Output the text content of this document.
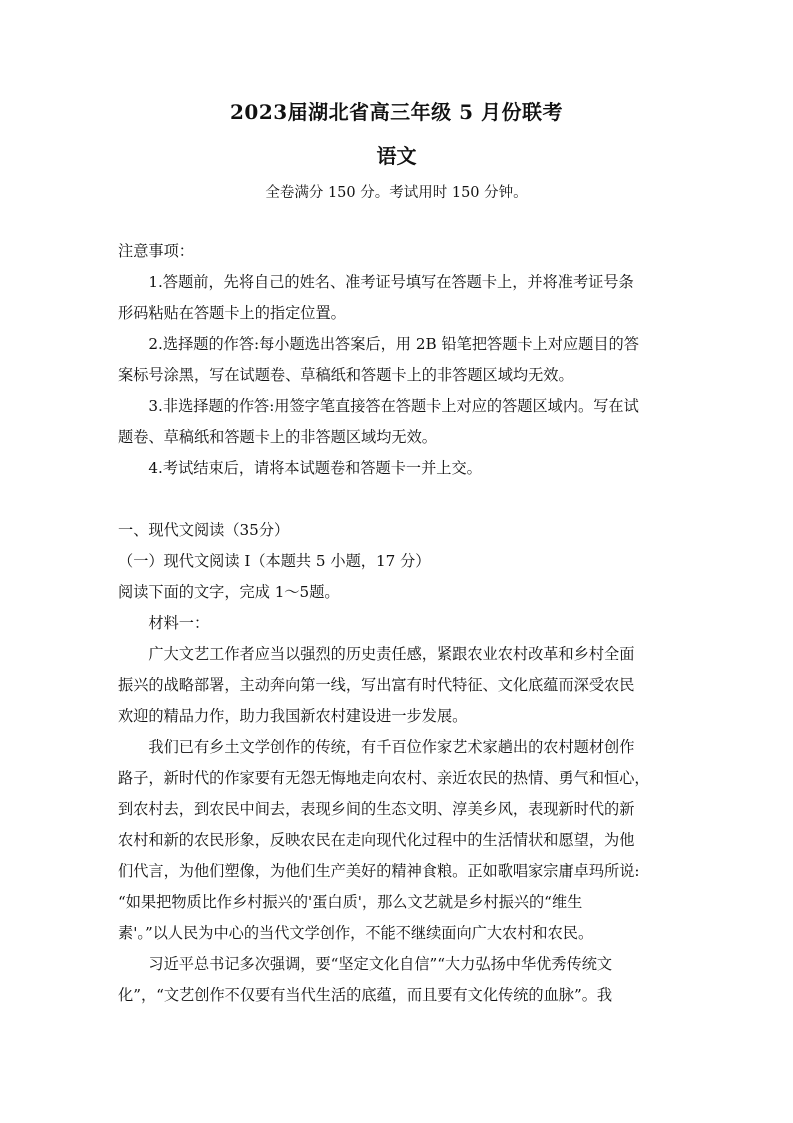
2023届湖北省高三年级 5 月份联考
语文
全卷满分 150 分。考试用时 150 分钟。

注意事项：

1.答题前，先将自己的姓名、准考证号填写在答题卡上，并将准考证号条

形码粘贴在答题卡上的指定位置。

2.选择题的作答:每小题选出答案后，用 2B 铅笔把答题卡上对应题目的答

案标号涂黑，写在试题卷、草稿纸和答题卡上的非答题区域均无效。

3.非选择题的作答:用签字笔直接答在答题卡上对应的答题区域内。写在试

题卷、草稿纸和答题卡上的非答题区域均无效。

4.考试结束后，请将本试题卷和答题卡一并上交。

一、现代文阅读（35分）

（一）现代文阅读 I（本题共 5 小题，17 分）

阅读下面的文字，完成 1～5题。

材料一：

广大文艺工作者应当以强烈的历史责任感，紧跟农业农村改革和乡村全面

振兴的战略部署，主动奔向第一线，写出富有时代特征、文化底蕴而深受农民

欢迎的精品力作，助力我国新农村建设进一步发展。

我们已有乡土文学创作的传统，有千百位作家艺术家趟出的农村题材创作

路子，新时代的作家要有无怨无悔地走向农村、亲近农民的热情、勇气和恒心，

到农村去，到农民中间去，表现乡间的生态文明、淳美乡风，表现新时代的新

农村和新的农民形象，反映农民在走向现代化过程中的生活情状和愿望，为他

们代言，为他们塑像，为他们生产美好的精神食粮。正如歌唱家宗庸卓玛所说:

“如果把物质比作乡村振兴的'蛋白质'，那么文艺就是乡村振兴的“维生

素'。”以人民为中心的当代文学创作，不能不继续面向广大农村和农民。

习近平总书记多次强调，要“坚定文化自信”“大力弘扬中华优秀传统文

化”，“文艺创作不仅要有当代生活的底蕴，而且要有文化传统的血脉”。我
